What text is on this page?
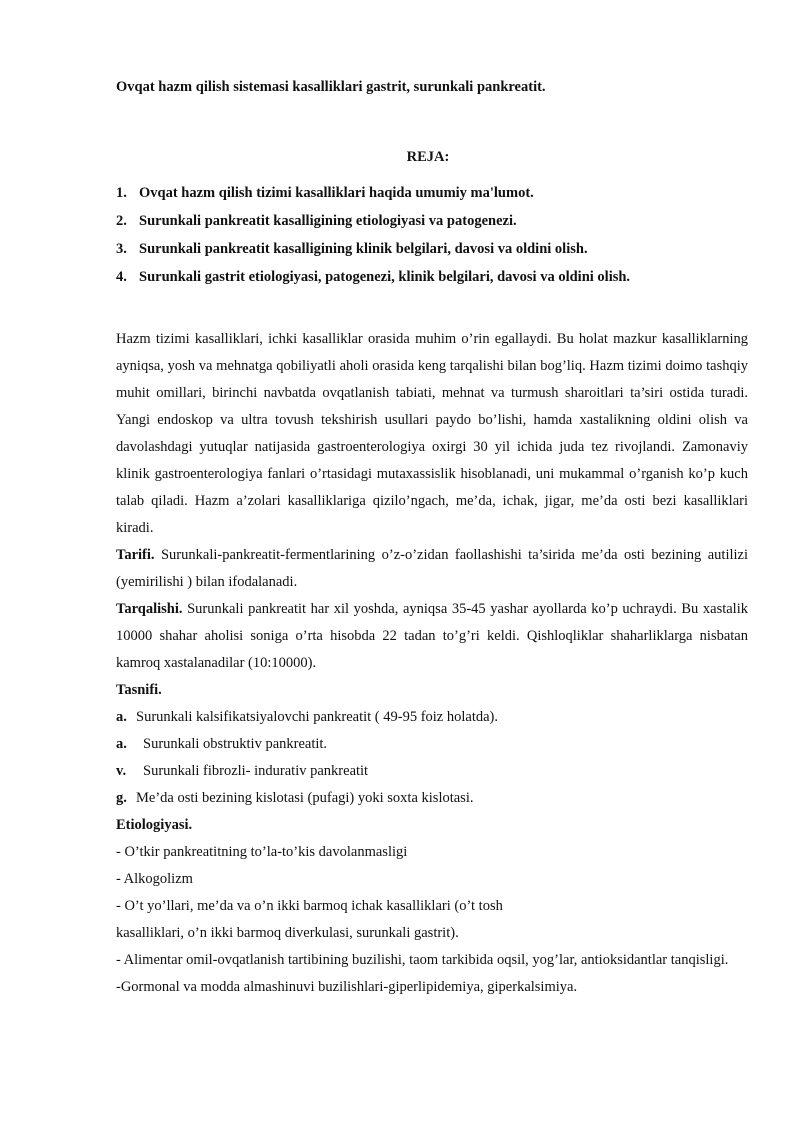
Ovqat hazm qilish sistemasi kasalliklari gastrit, surunkali pankreatit.
REJA:
1. Ovqat hazm qilish tizimi kasalliklari haqida umumiy ma'lumot.
2. Surunkali pankreatit kasalligining etiologiyasi va patogenezi.
3. Surunkali pankreatit kasalligining klinik belgilari, davosi va oldini olish.
4. Surunkali gastrit etiologiyasi, patogenezi, klinik belgilari, davosi va oldini olish.

Hazm tizimi kasalliklari, ichki kasalliklar orasida muhim o’rin egallaydi. Bu holat mazkur kasalliklarning ayniqsa, yosh va mehnatga qobiliyatli aholi orasida keng tarqalishi bilan bog’liq. Hazm tizimi doimo tashqiy muhit omillari, birinchi navbatda ovqatlanish tabiati, mehnat va turmush sharoitlari ta’siri ostida turadi. Yangi endoskop va ultra tovush tekshirish usullari paydo bo’lishi, hamda xastalikning oldini olish va davolashdagi yutuqlar natijasida gastroenterologiya oxirgi 30 yil ichida juda tez rivojlandi. Zamonaviy klinik gastroenterologiya fanlari o’rtasidagi mutaxassislik hisoblanadi, uni mukammal o’rganish ko’p kuch talab qiladi. Hazm a’zolari kasalliklariga qizilo’ngach, me’da, ichak, jigar, me’da osti bezi kasalliklari kiradi.

Tarifi. Surunkali-pankreatit-fermentlarining o’z-o’zidan faollashishi ta’sirida me’da osti bezining autilizi (yemirilishi ) bilan ifodalanadi.

Tarqalishi. Surunkali pankreatit har xil yoshda, ayniqsa 35-45 yashar ayollarda ko’p uchraydi. Bu xastalik 10000 shahar aholisi soniga o’rta hisobda 22 tadan to’g’ri keldi. Qishloqliklar shaharliklarga nisbatan kamroq xastalanadilar (10:10000).

Tasnifi.

a. Surunkali kalsifikatsiyalovchi pankreatit ( 49-95 foiz holatda).

a. Surunkali obstruktiv pankreatit.

v. Surunkali fibrozli- indurativ pankreatit

g. Me’da osti bezining kislotasi (pufagi) yoki soxta kislotasi.

Etiologiyasi.

- O’tkir pankreatitning to’la-to’kis davolanmasligi

- Alkogolizm

- O’t yo’llari, me’da va o’n ikki barmoq ichak kasalliklari (o’t tosh

kasalliklari, o’n ikki barmoq diverkulasi, surunkali gastrit).

- Alimentar omil-ovqatlanish tartibining buzilishi, taom tarkibida oqsil, yog’lar, antioksidantlar tanqisligi.

-Gormonal va modda almashinuvi buzilishlari-giperlipidemiya, giperkalsimiya.
